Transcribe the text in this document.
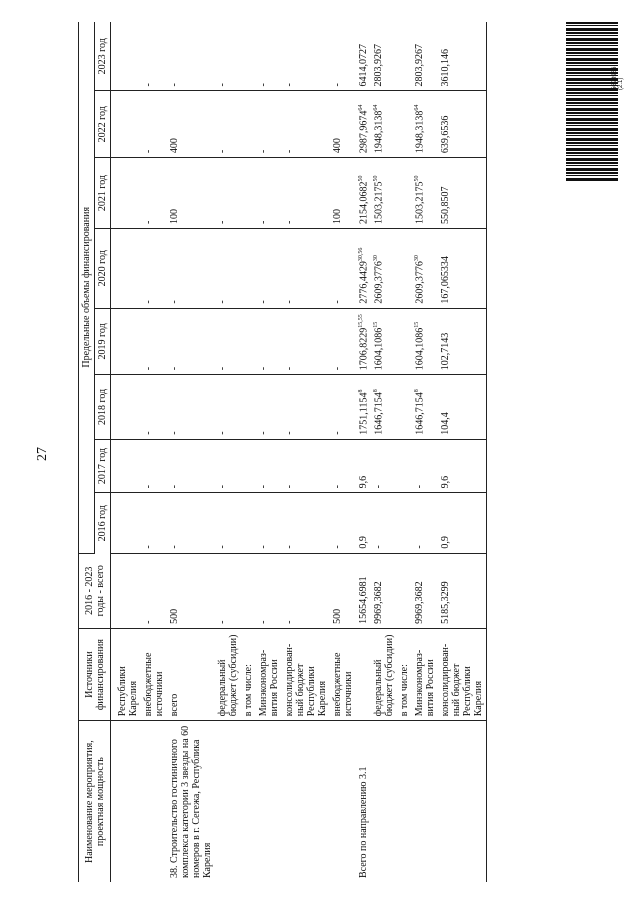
27
Наименование мероприятия, проектная мощность	Источники финансирования	2016 - 2023 годы - всего	Предельные объемы финансирования							
			2016 год	2017 год	2018 год	2019 год	2020 год	2021 год	2022 год	2023 год
	Республики Карелия									
	внебюджетные источники	-	-	-	-	-	-	-	-	-
38. Строительство гостиничного комплекса категории 3 звезды на 60 номеров в г. Сегежа, Республика Карелия	всего	500	-	-	-	-	-	100	400	-
	федеральный бюджет (субсидии)	-	-	-	-	-	-	-	-	-
	в том числе:									
	Минэкономраз-вития России	-	-	-	-	-	-	-	-	-
	консолидирован-ный бюджет Республики Карелия	-	-	-	-	-	-	-	-	-
	внебюджетные источники	500	-	-	-	-	-	100	400	-
Всего по направлению 3.1		15654,6981	0,9	9,6	1751,1154$^8$	1706,8229$^{15,55}$	2776,4429$^{30,56}$	2154,0682$^{50}$	2987,9674$^{64}$	6414,0727
	федеральный бюджет (субсидии)	9969,3682	-	-	1646,7154$^8$	1604,1086$^{15}$	2609,3776$^{30}$	1503,2175$^{50}$	1948,3138$^{64}$	2803,9267
	в том числе:									
	Минэкономраз-вития России	9969,3682	-	-	1646,7154$^8$	1604,1086$^{15}$	2609,3776$^{30}$	1503,2175$^{50}$	1948,3138$^{64}$	2803,9267
	консолидирован-ный бюджет Республики Карелия	5185,3299	0,9	9,6	104,4	102,7143	167,065334	550,8507	639,6536	3610,146	5698986 (2.1)
